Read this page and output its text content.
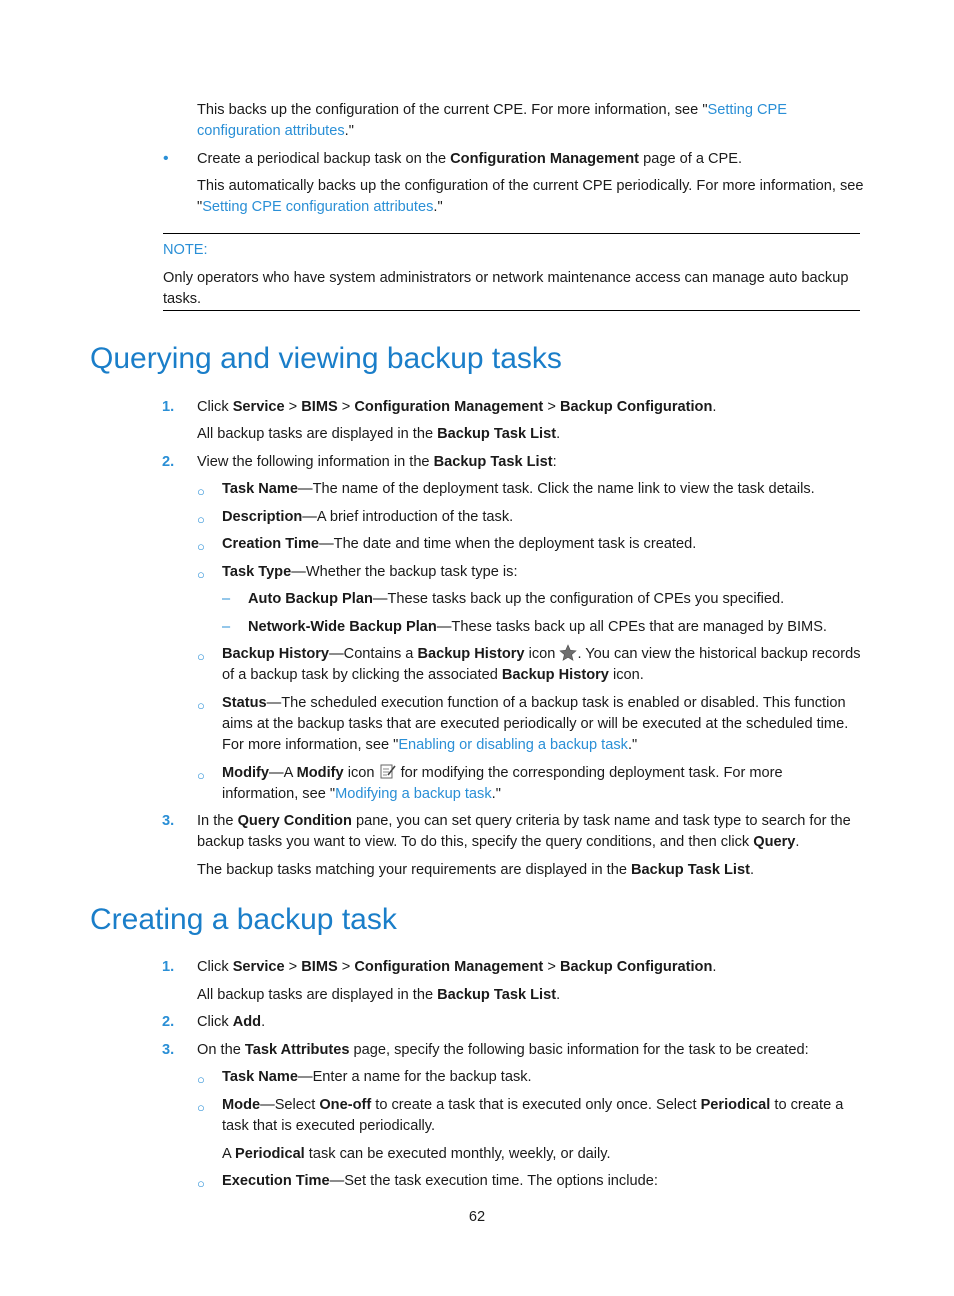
This backs up the configuration of the current CPE. For more information, see "Setting CPE configuration attributes."

• Create a periodical backup task on the Configuration Management page of a CPE.

This automatically backs up the configuration of the current CPE periodically. For more information, see "Setting CPE configuration attributes."

NOTE:

Only operators who have system administrators or network maintenance access can manage auto backup tasks.

Querying and viewing backup tasks
1. Click Service > BIMS > Configuration Management > Backup Configuration.

All backup tasks are displayed in the Backup Task List.

2. View the following information in the Backup Task List:

○ Task Name—The name of the deployment task. Click the name link to view the task details.

○ Description—A brief introduction of the task.

○ Creation Time—The date and time when the deployment task is created.

○ Task Type—Whether the backup task type is:

– Auto Backup Plan—These tasks back up the configuration of CPEs you specified.

– Network-Wide Backup Plan—These tasks back up all CPEs that are managed by BIMS.

○ Backup History—Contains a Backup History icon . You can view the historical backup records of a backup task by clicking the associated Backup History icon.

○ Status—The scheduled execution function of a backup task is enabled or disabled. This function aims at the backup tasks that are executed periodically or will be executed at the scheduled time. For more information, see "Enabling or disabling a backup task."

○ Modify—A Modify icon  for modifying the corresponding deployment task. For more information, see "Modifying a backup task."

3. In the Query Condition pane, you can set query criteria by task name and task type to search for the backup tasks you want to view. To do this, specify the query conditions, and then click Query.

The backup tasks matching your requirements are displayed in the Backup Task List.

Creating a backup task
1. Click Service > BIMS > Configuration Management > Backup Configuration.

All backup tasks are displayed in the Backup Task List.

2. Click Add.

3. On the Task Attributes page, specify the following basic information for the task to be created:

○ Task Name—Enter a name for the backup task.

○ Mode—Select One-off to create a task that is executed only once. Select Periodical to create a task that is executed periodically.

A Periodical task can be executed monthly, weekly, or daily.

○ Execution Time—Set the task execution time. The options include:

62
